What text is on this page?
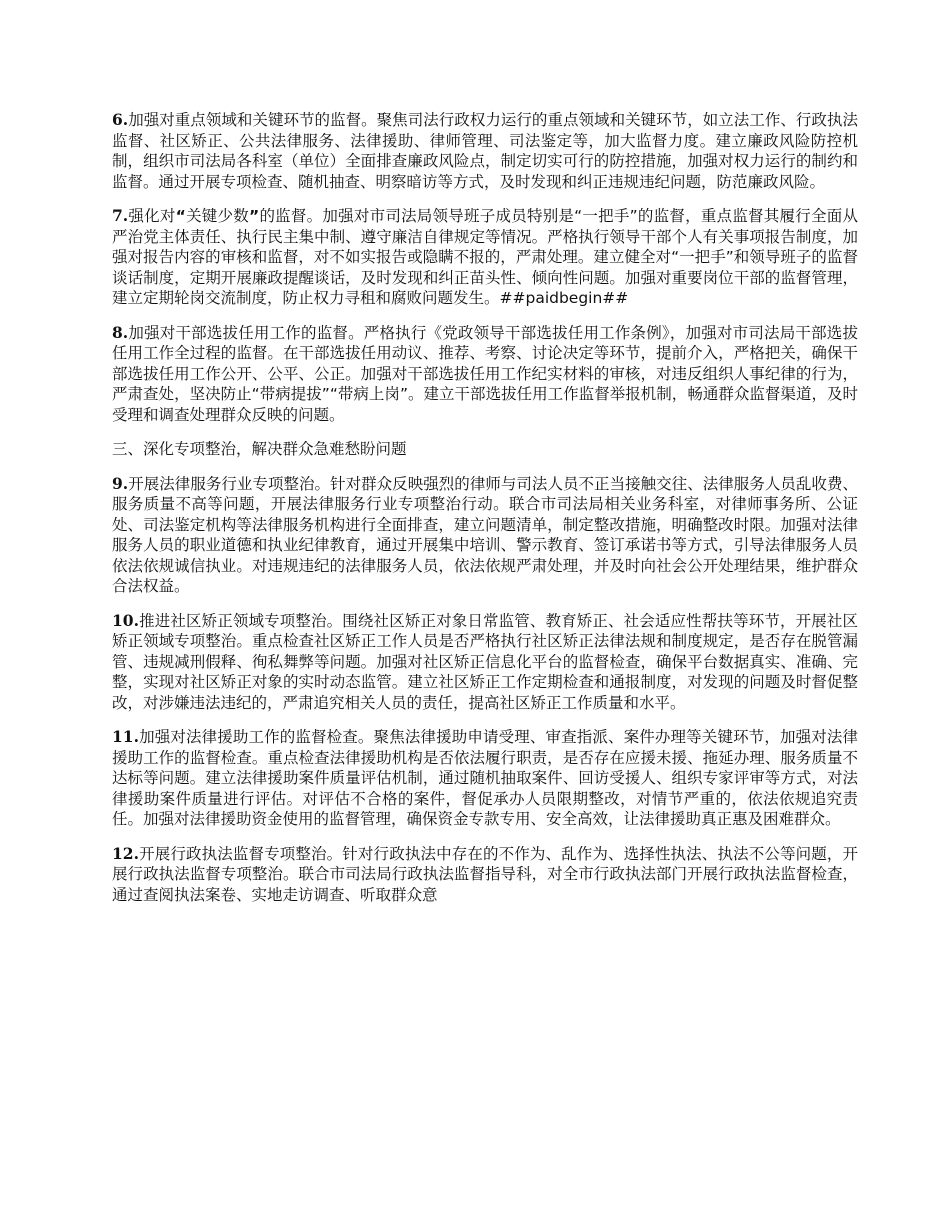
6.加强对重点领域和关键环节的监督。聚焦司法行政权力运行的重点领域和关键环节，如立法工作、行政执法监督、社区矫正、公共法律服务、法律援助、律师管理、司法鉴定等，加大监督力度。建立廉政风险防控机制，组织市司法局各科室（单位）全面排查廉政风险点，制定切实可行的防控措施，加强对权力运行的制约和监督。通过开展专项检查、随机抽查、明察暗访等方式，及时发现和纠正违规违纪问题，防范廉政风险。

7.强化对“关键少数”的监督。加强对市司法局领导班子成员特别是“一把手”的监督，重点监督其履行全面从严治党主体责任、执行民主集中制、遵守廉洁自律规定等情况。严格执行领导干部个人有关事项报告制度，加强对报告内容的审核和监督，对不如实报告或隐瞒不报的，严肃处理。建立健全对“一把手”和领导班子的监督谈话制度，定期开展廉政提醒谈话，及时发现和纠正苗头性、倾向性问题。加强对重要岗位干部的监督管理，建立定期轮岗交流制度，防止权力寻租和腐败问题发生。##paidbegin##

8.加强对干部选拔任用工作的监督。严格执行《党政领导干部选拔任用工作条例》，加强对市司法局干部选拔任用工作全过程的监督。在干部选拔任用动议、推荐、考察、讨论决定等环节，提前介入，严格把关，确保干部选拔任用工作公开、公平、公正。加强对干部选拔任用工作纪实材料的审核，对违反组织人事纪律的行为，严肃查处，坚决防止“带病提拔”“带病上岗”。建立干部选拔任用工作监督举报机制，畅通群众监督渠道，及时受理和调查处理群众反映的问题。

三、深化专项整治，解决群众急难愁盼问题

9.开展法律服务行业专项整治。针对群众反映强烈的律师与司法人员不正当接触交往、法律服务人员乱收费、服务质量不高等问题，开展法律服务行业专项整治行动。联合市司法局相关业务科室，对律师事务所、公证处、司法鉴定机构等法律服务机构进行全面排查，建立问题清单，制定整改措施，明确整改时限。加强对法律服务人员的职业道德和执业纪律教育，通过开展集中培训、警示教育、签订承诺书等方式，引导法律服务人员依法依规诚信执业。对违规违纪的法律服务人员，依法依规严肃处理，并及时向社会公开处理结果，维护群众合法权益。

10.推进社区矫正领域专项整治。围绕社区矫正对象日常监管、教育矫正、社会适应性帮扶等环节，开展社区矫正领域专项整治。重点检查社区矫正工作人员是否严格执行社区矫正法律法规和制度规定，是否存在脱管漏管、违规减刑假释、徇私舞弊等问题。加强对社区矫正信息化平台的监督检查，确保平台数据真实、准确、完整，实现对社区矫正对象的实时动态监管。建立社区矫正工作定期检查和通报制度，对发现的问题及时督促整改，对涉嫌违法违纪的，严肃追究相关人员的责任，提高社区矫正工作质量和水平。

11.加强对法律援助工作的监督检查。聚焦法律援助申请受理、审查指派、案件办理等关键环节，加强对法律援助工作的监督检查。重点检查法律援助机构是否依法履行职责，是否存在应援未援、拖延办理、服务质量不达标等问题。建立法律援助案件质量评估机制，通过随机抽取案件、回访受援人、组织专家评审等方式，对法律援助案件质量进行评估。对评估不合格的案件，督促承办人员限期整改，对情节严重的，依法依规追究责任。加强对法律援助资金使用的监督管理，确保资金专款专用、安全高效，让法律援助真正惠及困难群众。

12.开展行政执法监督专项整治。针对行政执法中存在的不作为、乱作为、选择性执法、执法不公等问题，开展行政执法监督专项整治。联合市司法局行政执法监督指导科，对全市行政执法部门开展行政执法监督检查，通过查阅执法案卷、实地走访调查、听取群众意
